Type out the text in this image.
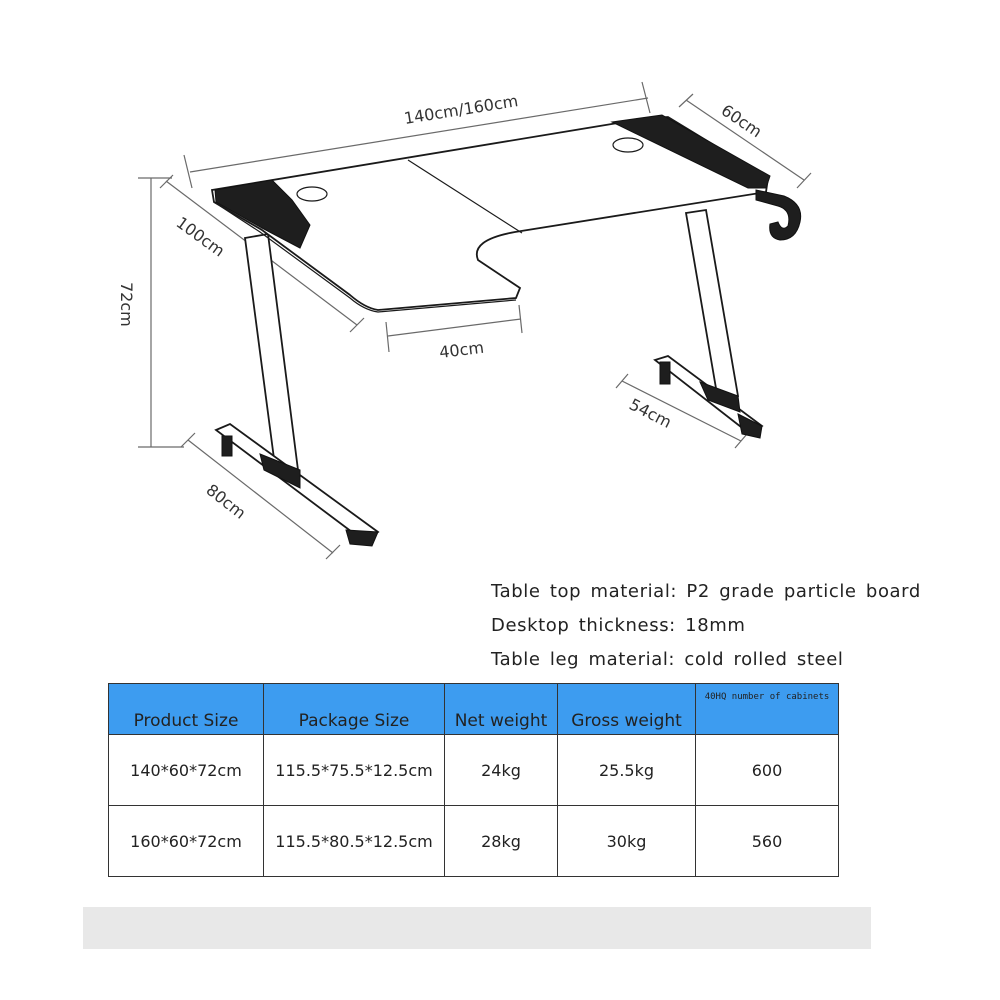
140cm/160cm	60cm
100cm
72cm
40cm
54cm
80cm
Table top material: P2 grade particle board
Desktop thickness: 18mm
Table leg material: cold rolled steel
Product Size	Package Size	Net weight	Gross weight	40HQ number of cabinets
140*60*72cm	115.5*75.5*12.5cm	24kg	25.5kg	600
160*60*72cm	115.5*80.5*12.5cm	28kg	30kg	560
